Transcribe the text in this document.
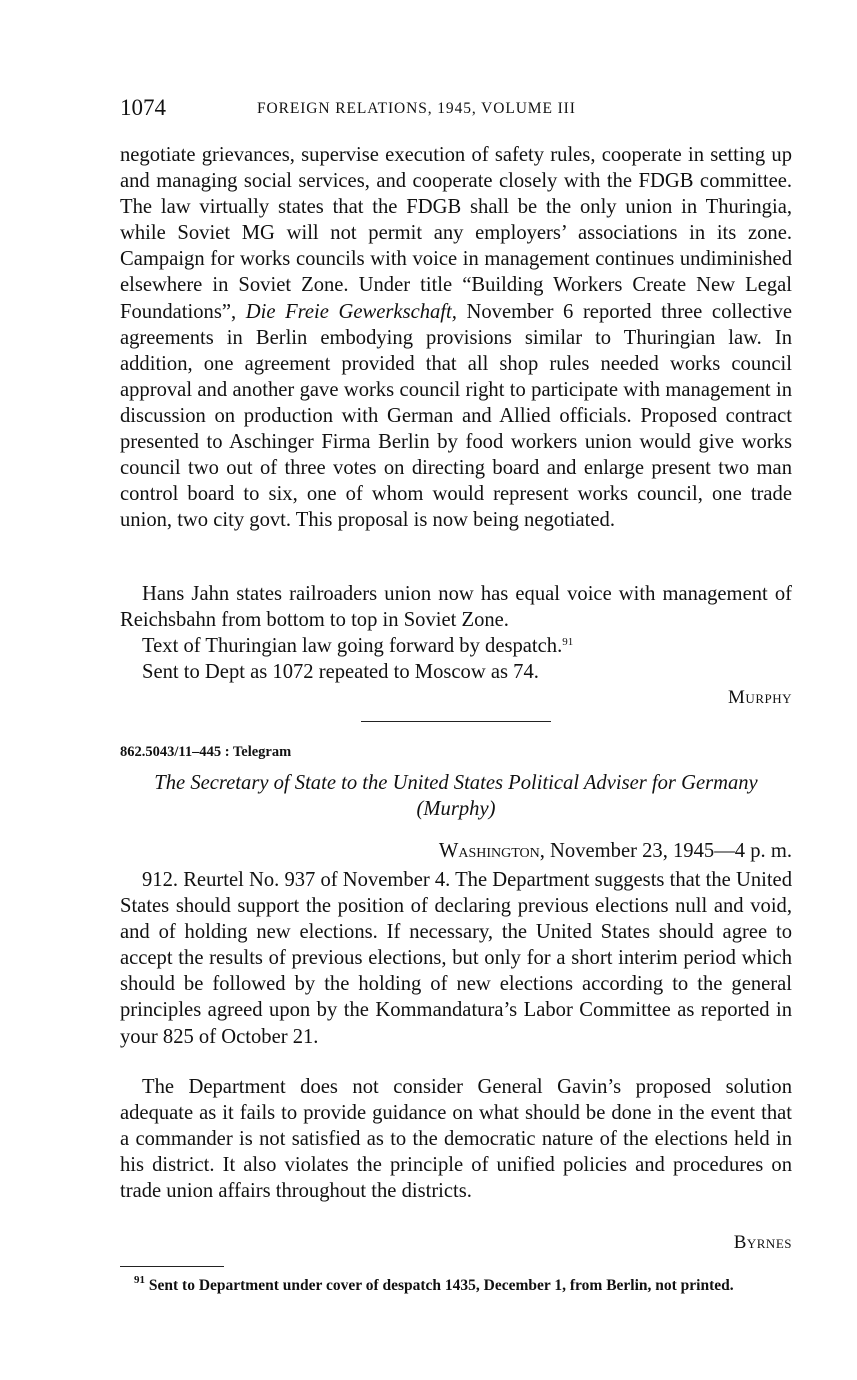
1074	FOREIGN RELATIONS, 1945, VOLUME III

negotiate grievances, supervise execution of safety rules, cooperate in setting up and managing social services, and cooperate closely with the FDGB committee. The law virtually states that the FDGB shall be the only union in Thuringia, while Soviet MG will not permit any employers’ associations in its zone. Campaign for works councils with voice in management continues undiminished elsewhere in Soviet Zone. Under title “Building Workers Create New Legal Foundations”, Die Freie Gewerkschaft, November 6 reported three collective agreements in Berlin embodying provisions similar to Thuringian law. In addition, one agreement provided that all shop rules needed works council approval and another gave works council right to participate with management in discussion on production with German and Allied officials. Proposed contract presented to Aschinger Firma Berlin by food workers union would give works council two out of three votes on directing board and enlarge present two man control board to six, one of whom would represent works council, one trade union, two city govt. This proposal is now being negotiated.

Hans Jahn states railroaders union now has equal voice with management of Reichsbahn from bottom to top in Soviet Zone.

Text of Thuringian law going forward by despatch.$^{91}$

Sent to Dept as 1072 repeated to Moscow as 74.

Murphy
862.5043/11–445 : Telegram

The Secretary of State to the United States Political Adviser for Germany (Murphy)

Washington, November 23, 1945—4 p. m.

912. Reurtel No. 937 of November 4. The Department suggests that the United States should support the position of declaring previous elections null and void, and of holding new elections. If necessary, the United States should agree to accept the results of previous elections, but only for a short interim period which should be followed by the holding of new elections according to the general principles agreed upon by the Kommandatura’s Labor Committee as reported in your 825 of October 21.

The Department does not consider General Gavin’s proposed solution adequate as it fails to provide guidance on what should be done in the event that a commander is not satisfied as to the democratic nature of the elections held in his district. It also violates the principle of unified policies and procedures on trade union affairs throughout the districts.

Byrnes

$^{91}$ Sent to Department under cover of despatch 1435, December 1, from Berlin, not printed.
